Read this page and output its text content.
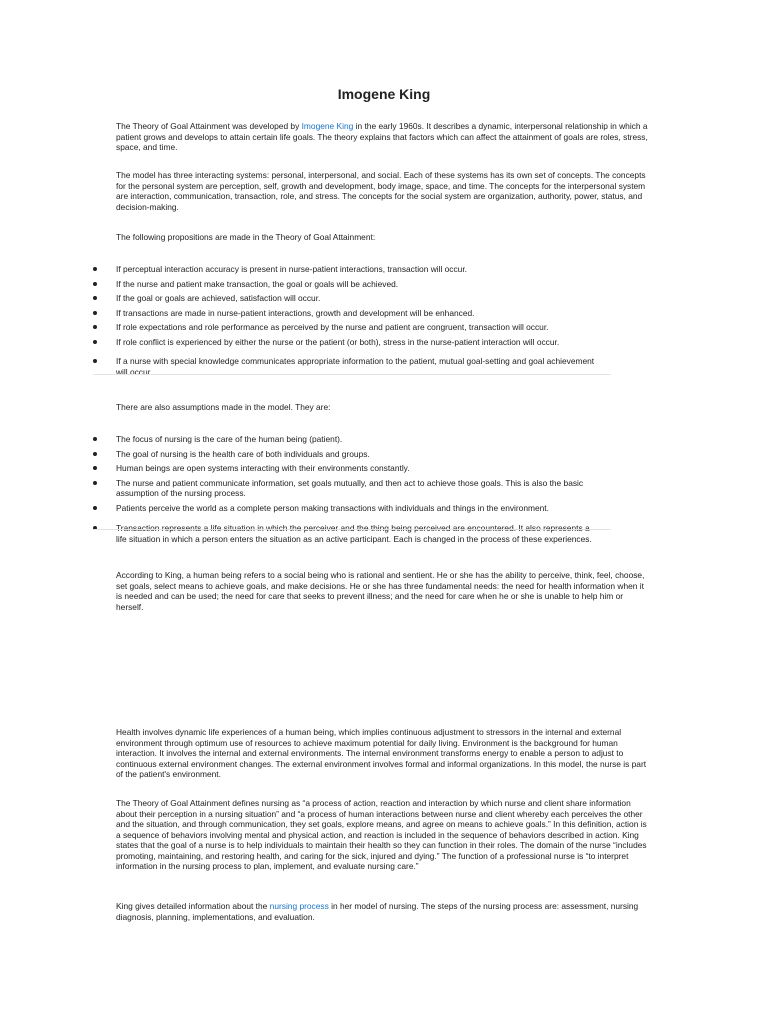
Imogene King

The Theory of Goal Attainment was developed by Imogene King in the early 1960s. It describes a dynamic, interpersonal relationship in which a patient grows and develops to attain certain life goals. The theory explains that factors which can affect the attainment of goals are roles, stress, space, and time.

The model has three interacting systems: personal, interpersonal, and social. Each of these systems has its own set of concepts. The concepts for the personal system are perception, self, growth and development, body image, space, and time. The concepts for the interpersonal system are interaction, communication, transaction, role, and stress. The concepts for the social system are organization, authority, power, status, and decision-making.

The following propositions are made in the Theory of Goal Attainment:

If perceptual interaction accuracy is present in nurse-patient interactions, transaction will occur.
If the nurse and patient make transaction, the goal or goals will be achieved.
If the goal or goals are achieved, satisfaction will occur.
If transactions are made in nurse-patient interactions, growth and development will be enhanced.
If role expectations and role performance as perceived by the nurse and patient are congruent, transaction will occur.
If role conflict is experienced by either the nurse or the patient (or both), stress in the nurse-patient interaction will occur.
If a nurse with special knowledge communicates appropriate information to the patient, mutual goal-setting and goal achievement will occur.

There are also assumptions made in the model. They are:

The focus of nursing is the care of the human being (patient).
The goal of nursing is the health care of both individuals and groups.
Human beings are open systems interacting with their environments constantly.
The nurse and patient communicate information, set goals mutually, and then act to achieve those goals. This is also the basic assumption of the nursing process.
Patients perceive the world as a complete person making transactions with individuals and things in the environment.
Transaction represents a life situation in which the perceiver and the thing being perceived are encountered. It also represents a life situation in which a person enters the situation as an active participant. Each is changed in the process of these experiences.

According to King, a human being refers to a social being who is rational and sentient. He or she has the ability to perceive, think, feel, choose, set goals, select means to achieve goals, and make decisions. He or she has three fundamental needs: the need for health information when it is needed and can be used; the need for care that seeks to prevent illness; and the need for care when he or she is unable to help him or herself.

Health involves dynamic life experiences of a human being, which implies continuous adjustment to stressors in the internal and external environment through optimum use of resources to achieve maximum potential for daily living. Environment is the background for human interaction. It involves the internal and external environments. The internal environment transforms energy to enable a person to adjust to continuous external environment changes. The external environment involves formal and informal organizations. In this model, the nurse is part of the patient's environment.

The Theory of Goal Attainment defines nursing as “a process of action, reaction and interaction by which nurse and client share information about their perception in a nursing situation” and “a process of human interactions between nurse and client whereby each perceives the other and the situation, and through communication, they set goals, explore means, and agree on means to achieve goals.” In this definition, action is a sequence of behaviors involving mental and physical action, and reaction is included in the sequence of behaviors described in action. King states that the goal of a nurse is to help individuals to maintain their health so they can function in their roles. The domain of the nurse “includes promoting, maintaining, and restoring health, and caring for the sick, injured and dying.” The function of a professional nurse is “to interpret information in the nursing process to plan, implement, and evaluate nursing care.”

King gives detailed information about the nursing process in her model of nursing. The steps of the nursing process are: assessment, nursing diagnosis, planning, implementations, and evaluation.
